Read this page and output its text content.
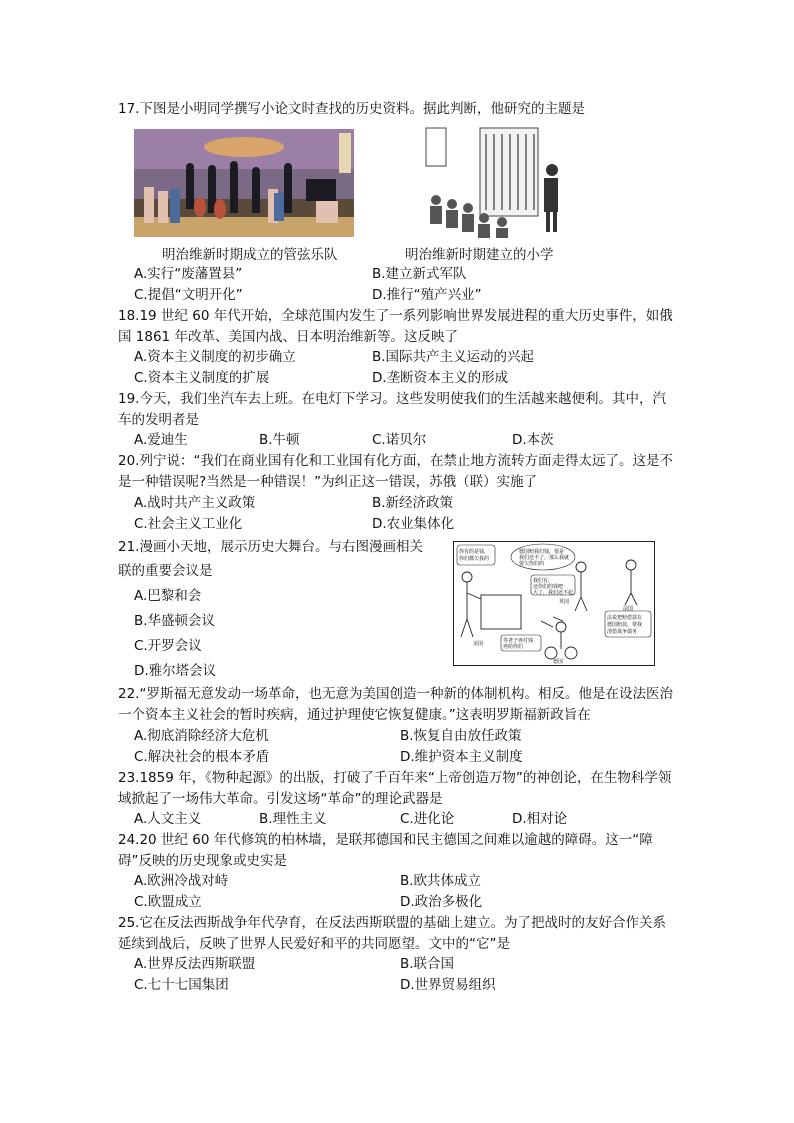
17.下图是小明同学撰写小论文时查找的历史资料。据此判断，他研究的主题是
明治维新时期成立的管弦乐队	明治维新时期建立的小学
A.实行“废藩置县”	B.建立新式军队
C.提倡“文明开化”	D.推行“殖产兴业”
18.19 世纪 60 年代开始，全球范围内发生了一系列影响世界发展进程的重大历史事件，如俄国 1861 年改革、美国内战、日本明治维新等。这反映了
A.资本主义制度的初步确立	B.国际共产主义运动的兴起
C.资本主义制度的扩展	D.垄断资本主义的形成
19.今天，我们坐汽车去上班。在电灯下学习。这些发明使我们的生活越来越便利。其中，汽车的发明者是
A.爱迪生	B.牛顿	C.诺贝尔	D.本茨
20.列宁说：“我们在商业国有化和工业国有化方面，在禁止地方流转方面走得太远了。这是不是一种错误呢?当然是一种错误！”为纠正这一错误，苏俄（联）实施了
A.战时共产主义政策	B.新经济政策
C.社会主义工业化	D.农业集体化
21.漫画小天地，展示历史大舞台。与右图漫画相关
联的重要会议是
A.巴黎和会
B.华盛顿会议
C.开罗会议
D.雅尔塔会议
你有的是钱，
你们都欠我的
德国赔我们钱，要是
我们还不了，那么我就
要欠你们的
我们有，
还你们的钱吧
大了，我们还不起
法说把赔偿款在
德国赔款，帮我
清偿战争债务
等老子再付钱
再给你们
英国
法国
美国
德国
22.“罗斯福无意发动一场革命，也无意为美国创造一种新的体制机构。相反。他是在设法医治一个资本主义社会的暂时疾病，通过护理使它恢复健康。”这表明罗斯福新政旨在
A.彻底消除经济大危机	B.恢复自由放任政策
C.解决社会的根本矛盾	D.维护资本主义制度
23.1859 年，《物种起源》的出版，打破了千百年来“上帝创造万物”的神创论，在生物科学领域掀起了一场伟大革命。引发这场“革命”的理论武器是
A.人文主义	B.理性主义	C.进化论	D.相对论
24.20 世纪 60 年代修筑的柏林墙，是联邦德国和民主德国之间难以逾越的障碍。这一“障碍”反映的历史现象或史实是
A.欧洲冷战对峙	B.欧共体成立
C.欧盟成立	D.政治多极化
25.它在反法西斯战争年代孕育，在反法西斯联盟的基础上建立。为了把战时的友好合作关系延续到战后，反映了世界人民爱好和平的共同愿望。文中的“它”是
A.世界反法西斯联盟	B.联合国
C.七十七国集团	D.世界贸易组织
